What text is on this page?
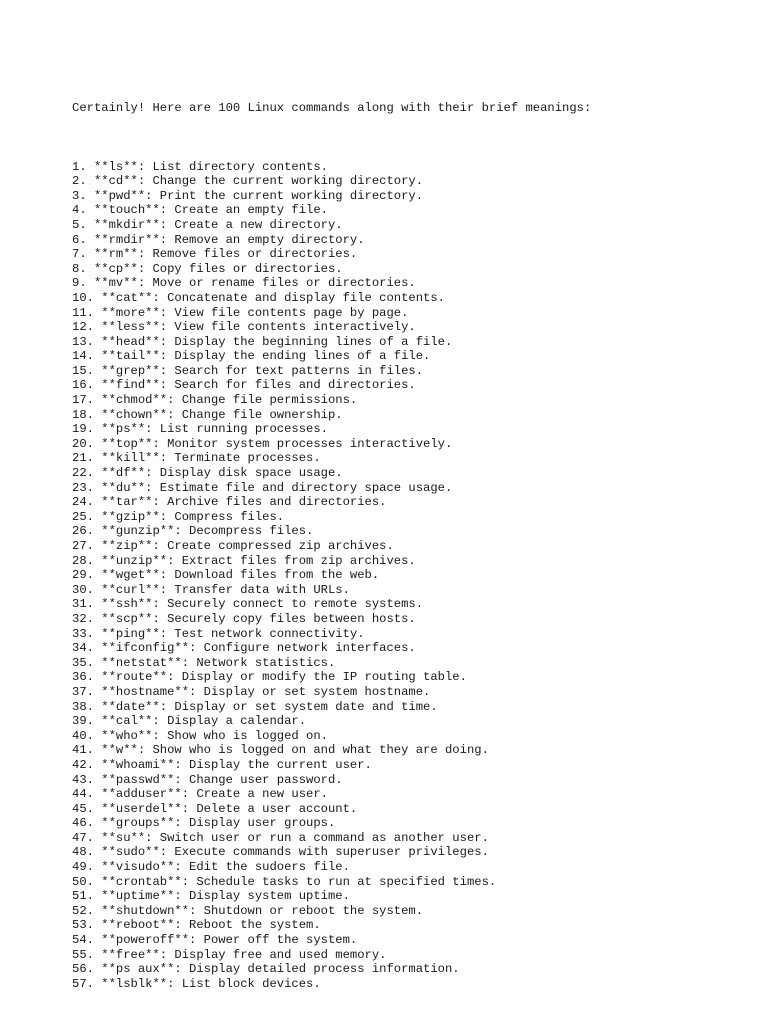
Certainly! Here are 100 Linux commands along with their brief meanings:

1. **ls**: List directory contents.
2. **cd**: Change the current working directory.
3. **pwd**: Print the current working directory.
4. **touch**: Create an empty file.
5. **mkdir**: Create a new directory.
6. **rmdir**: Remove an empty directory.
7. **rm**: Remove files or directories.
8. **cp**: Copy files or directories.
9. **mv**: Move or rename files or directories.
10. **cat**: Concatenate and display file contents.
11. **more**: View file contents page by page.
12. **less**: View file contents interactively.
13. **head**: Display the beginning lines of a file.
14. **tail**: Display the ending lines of a file.
15. **grep**: Search for text patterns in files.
16. **find**: Search for files and directories.
17. **chmod**: Change file permissions.
18. **chown**: Change file ownership.
19. **ps**: List running processes.
20. **top**: Monitor system processes interactively.
21. **kill**: Terminate processes.
22. **df**: Display disk space usage.
23. **du**: Estimate file and directory space usage.
24. **tar**: Archive files and directories.
25. **gzip**: Compress files.
26. **gunzip**: Decompress files.
27. **zip**: Create compressed zip archives.
28. **unzip**: Extract files from zip archives.
29. **wget**: Download files from the web.
30. **curl**: Transfer data with URLs.
31. **ssh**: Securely connect to remote systems.
32. **scp**: Securely copy files between hosts.
33. **ping**: Test network connectivity.
34. **ifconfig**: Configure network interfaces.
35. **netstat**: Network statistics.
36. **route**: Display or modify the IP routing table.
37. **hostname**: Display or set system hostname.
38. **date**: Display or set system date and time.
39. **cal**: Display a calendar.
40. **who**: Show who is logged on.
41. **w**: Show who is logged on and what they are doing.
42. **whoami**: Display the current user.
43. **passwd**: Change user password.
44. **adduser**: Create a new user.
45. **userdel**: Delete a user account.
46. **groups**: Display user groups.
47. **su**: Switch user or run a command as another user.
48. **sudo**: Execute commands with superuser privileges.
49. **visudo**: Edit the sudoers file.
50. **crontab**: Schedule tasks to run at specified times.
51. **uptime**: Display system uptime.
52. **shutdown**: Shutdown or reboot the system.
53. **reboot**: Reboot the system.
54. **poweroff**: Power off the system.
55. **free**: Display free and used memory.
56. **ps aux**: Display detailed process information.
57. **lsblk**: List block devices.
